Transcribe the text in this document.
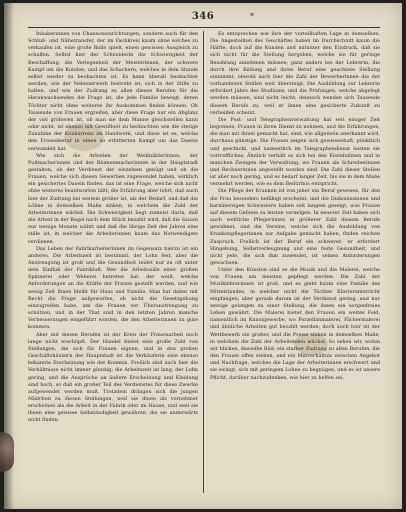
346	*

Inhaberinnen von Chansoneinrichtungen, sondern auch für den Schluß- und Nähetransfer, der im Fachkreis kaum ohne solches zu verkaufen ist, eine große Rolle spielt, einen gewissen Ausgleich zu schaffen. Selbst hier der Schneiderin die Schwierigkeit der Beschaffung, die Verlegenheit der Meisterinnen, der schwere Kampf um die Kunden, und das Schachern, welches in dem Stande selbst wieder zu beobachten ist. Es kann überall beobachtet werden, wie der Nebenerwerb bestrebt ist, sich in der Stille zu halten, und wie der Zudrang zu allen diesen Berufen für die Heranwachsenden die Frage ist, die jede Familie bewegt, deren Töchter nicht ohne weiteres ihr Auskommen finden können. Ob Tausende von Frauen ergreifen, aber diese Frage nur ein Abglanz der viel größeren ist, ob man sie dem Manne gleichstellen kann oder nicht, ist ebenso mit Gewißheit zu beobachten wie die stetige Zunahme der Konkurrenz im Handwerk, und diese ist es, welche den Frauenberuf in einen so erbitterten Kampf um das Dasein verwandelt hat.

Wie sich die Arbeiten der Weißnähterinnen, der Pußmacherinnen und der Blumenmacherinnen in der Hauptstadt gestalten, ob der Verdienst der einzelnen genügt und ob die Frauen, welche sich diesen Gewerben zugewendet haben, wirklich ein gesichertes Dasein finden, das ist eine Frage, welche sich nicht ohne weiteres beantworten läßt; die Erfahrung aber lehrt, daß auch hier der Zudrang bei weitem größer ist, als der Bedarf, und daß die Löhne in demselben Maße sinken, in welchem die Zahl der Arbeiterinnen wächst. Die Schwierigkeit liegt zumeist darin, daß die Arbeit in der Regel nach dem Stück bezahlt wird, daß die Saison nur wenige Monate währt und daß die übrige Zeit des Jahres eine stille ist, in welcher die Arbeiterinnen kaum das Notwendigste verdienen.

Das Leben der Fabrikarbeiterinnen im Gegensatz hierzu ist ein anderes. Die Arbeitszeit ist bestimmt, der Lohn fest, aber die Anstrengung ist groß und die Gesundheit leidet nur zu oft unter dem Einfluß der Fabrikluft. Wer die Arbeitssäle einer großen Spinnerei oder Weberei betreten hat, der weiß, welche Anforderungen an die Kräfte der Frauen gestellt werden, und wie wenig Zeit ihnen bleibt für Haus und Familie. Man hat daher mit Recht die Frage aufgeworfen, ob nicht die Gesetzgebung einzugreifen habe, um die Frauen vor Überanstrengung zu schützen, und in der That sind in den letzten Jahren manche Verbesserungen eingeführt worden, die den Arbeiterinnen zu gute kommen.

Aber mit diesen Berufen ist der Kreis der Frauenarbeit noch lange nicht erschöpft. Der Handel bietet eine große Zahl von Stellungen, die sich für Frauen eignen, und in den großen Geschäftshäusern der Hauptstadt ist die Verkäuferin eine ebenso bekannte Erscheinung wie der Kommis. Freilich sind auch hier die Verhältnisse nicht immer günstig; die Arbeitszeit ist lang, der Lohn gering, und die Ansprüche an äußere Erscheinung und Kleidung sind hoch, so daß ein großer Teil des Verdienstes für diese Zwecke aufgewendet werden muß. Trotzdem drängen sich die jungen Mädchen zu diesen Stellungen, weil sie ihnen als vornehmer erscheinen als die Arbeit in der Fabrik oder im Hause, und weil sie ihnen eine gewisse Selbständigkeit gewähren, die sie anderwärts nicht finden.

Es entsprechen wie ihre der vorteilhaften Lage in demselben. Die Angestellten des Geschäftes haben im Durchschnitt kaum die Hälfte, doch auf die Kunden und mitunter den Eindruck, daß sie sich nicht für die Stellung hergeben, welche sie für geringe Bezahlung annehmen müssen; ganz anders bei der Lehrerin, die durch ihre Bildung und ihren Beruf eine geachtete Stellung einnimmt, obwohl auch hier die Zahl der Bewerberinnen die der vorhandenen Stellen weit übersteigt. Die Ausbildung zur Lehrerin erfordert Jahre des Studiums, und die Prüfungen, welche abgelegt werden müssen, sind nicht leicht; dennoch wenden sich Tausende diesem Berufe zu, weil er ihnen eine gesicherte Zukunft zu verheißen scheint.

Die Post- und Telegraphenverwaltung hat seit einiger Zeit begonnen, Frauen in ihren Dienst zu nehmen, und die Erfahrungen, die man mit ihnen gemacht hat, sind, wie allgemein anerkannt wird, durchaus günstige. Die Frauen zeigen sich gewissenhaft, pünktlich und geschickt, und namentlich im Telegraphendienst leisten sie vortreffliches. Ähnlich verhält es sich bei den Eisenbahnen und in manchen Zweigen der Verwaltung, wo Frauen als Schreiberinnen und Rechnerinnen angestellt worden sind. Die Zahl dieser Stellen ist aber noch gering, und es bedarf langer Zeit, bis sie in dem Maße vermehrt werden, wie es dem Bedürfnis entspricht.

Die Pflege der Kranken ist von jeher ein Beruf gewesen, für den die Frau besonders befähigt erscheint, und die Diakonissinnen und barmherzigen Schwestern haben seit langem gezeigt, was Frauen auf diesem Gebiete zu leisten vermögen. In neuerer Zeit haben sich auch weltliche Pflegerinnen in größerer Zahl diesem Berufe gewidmet, und die Vereine, welche sich die Ausbildung von Krankenpflegerinnen zur Aufgabe gemacht haben, finden reichen Zuspruch. Freilich ist der Beruf ein schwerer; er erfordert Hingebung, Selbstverleugnung und eine feste Gesundheit, und nicht jede, die sich ihm zuwendet, ist seinen Anforderungen gewachsen.

Unter den Künsten sind es die Musik und die Malerei, welche von Frauen am meisten gepflegt werden. Die Zahl der Musiklehrerinnen ist groß, und es giebt kaum eine Familie des Mittelstandes, in welcher nicht die Töchter Klavierunterricht empfangen; aber gerade darum ist der Verdienst gering, und nur wenige gelangen zu einer Stellung, die ihnen ein sorgenfreies Leben gewährt. Die Malerei bietet den Frauen ein weites Feld, namentlich im Kunstgewerbe, wo Porzellanmalerei, Fächermalerei und ähnliche Arbeiten gut bezahlt werden; doch auch hier ist der Wettbewerb ein großer, und die Preise sinken in demselben Maße, in welchem die Zahl der Arbeitenden wächst. So sehen wir, wohin wir blicken, dasselbe Bild: ein starker Zudrang zu allen Berufen, die den Frauen offen stehen, und ein Mißverhältnis zwischen Angebot und Nachfrage, welches die Lage der Arbeiterinnen erschwert und sie zwingt, sich mit geringem Lohne zu begnügen, und es ist unsere Pflicht, darüber nachzudenken, wie hier zu helfen sei.
